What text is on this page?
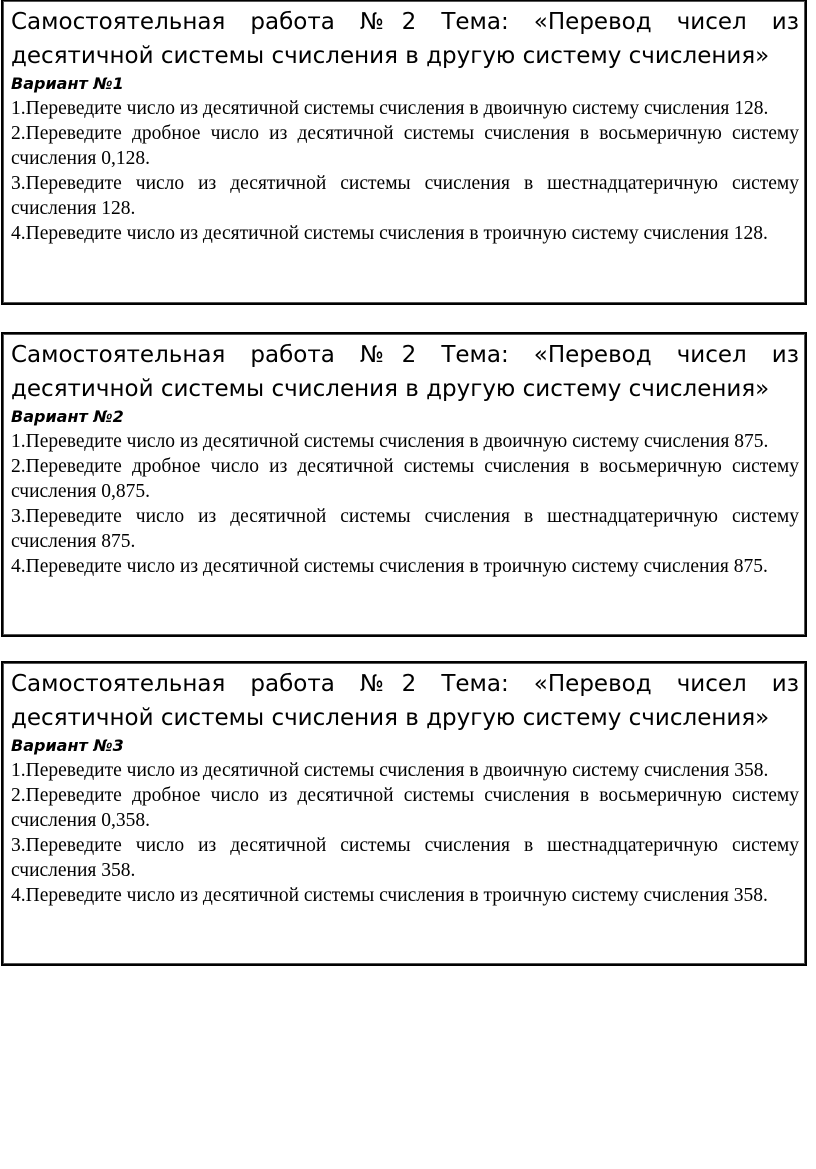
Самостоятельная работа №2 Тема: «Перевод чисел из десятичной системы счисления в другую систему счисления»

Вариант №1

1.Переведите число из десятичной системы счисления в двоичную систему счисления 128.

2.Переведите дробное число из десятичной системы счисления в восьмеричную систему счисления 0,128.

3.Переведите число из десятичной системы счисления в шестнадцатеричную систему счисления 128.

4.Переведите число из десятичной системы счисления в троичную систему счисления 128.

Самостоятельная работа №2 Тема: «Перевод чисел из десятичной системы счисления в другую систему счисления»

Вариант №2

1.Переведите число из десятичной системы счисления в двоичную систему счисления 875.

2.Переведите дробное число из десятичной системы счисления в восьмеричную систему счисления 0,875.

3.Переведите число из десятичной системы счисления в шестнадцатеричную систему счисления 875.

4.Переведите число из десятичной системы счисления в троичную систему счисления 875.

Самостоятельная работа №2 Тема: «Перевод чисел из десятичной системы счисления в другую систему счисления»

Вариант №3

1.Переведите число из десятичной системы счисления в двоичную систему счисления 358.

2.Переведите дробное число из десятичной системы счисления в восьмеричную систему счисления 0,358.

3.Переведите число из десятичной системы счисления в шестнадцатеричную систему счисления 358.

4.Переведите число из десятичной системы счисления в троичную систему счисления 358.
